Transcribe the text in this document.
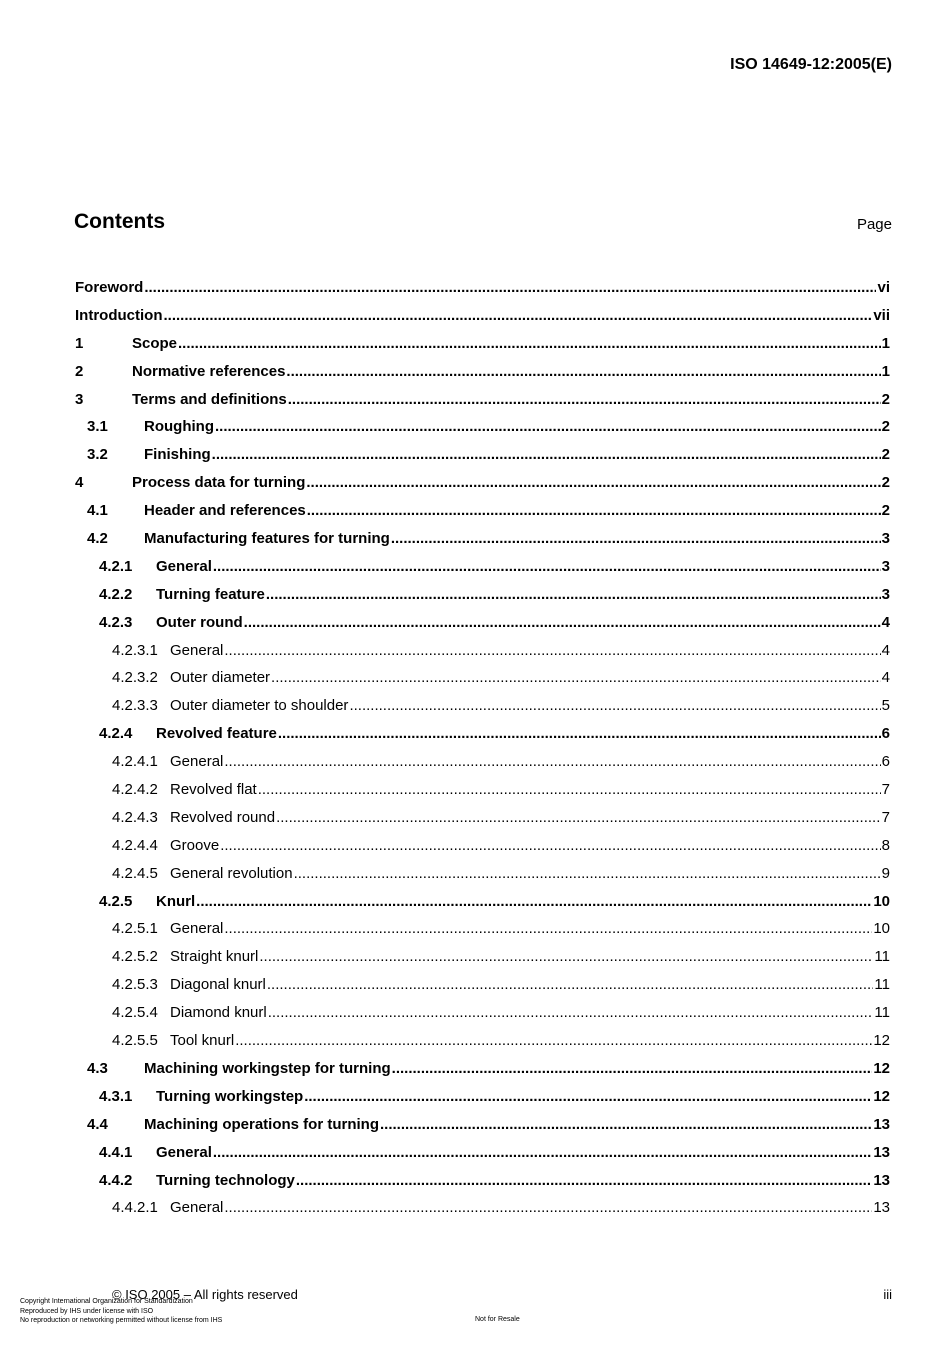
ISO 14649-12:2005(E)
Contents	Page
Foreword .....	vi
Introduction .....	vii
1	Scope .....	1
2	Normative references .....	1
3	Terms and definitions .....	2
3.1	Roughing .....	2
3.2	Finishing .....	2
4	Process data for turning .....	2
4.1	Header and references .....	2
4.2	Manufacturing features for turning .....	3
4.2.1	General .....	3
4.2.2	Turning feature .....	3
4.2.3	Outer round .....	4
4.2.3.1 General .....	4
4.2.3.2 Outer diameter .....	4
4.2.3.3 Outer diameter to shoulder .....	5
4.2.4	Revolved feature .....	6
4.2.4.1 General .....	6
4.2.4.2 Revolved flat .....	7
4.2.4.3 Revolved round .....	7
4.2.4.4 Groove .....	8
4.2.4.5 General revolution .....	9
4.2.5	Knurl .....	10
4.2.5.1 General .....	10
4.2.5.2 Straight knurl .....	11
4.2.5.3 Diagonal knurl .....	11
4.2.5.4 Diamond knurl .....	11
4.2.5.5 Tool knurl .....	12
4.3	Machining workingstep for turning .....	12
4.3.1	Turning workingstep .....	12
4.4	Machining operations for turning .....	13
4.4.1	General .....	13
4.4.2	Turning technology .....	13
4.4.2.1 General .....	13
© ISO 2005 – All rights reserved	iii
Copyright International Organization for Standardization
Reproduced by IHS under license with ISO
No reproduction or networking permitted without license from IHS	Not for Resale
